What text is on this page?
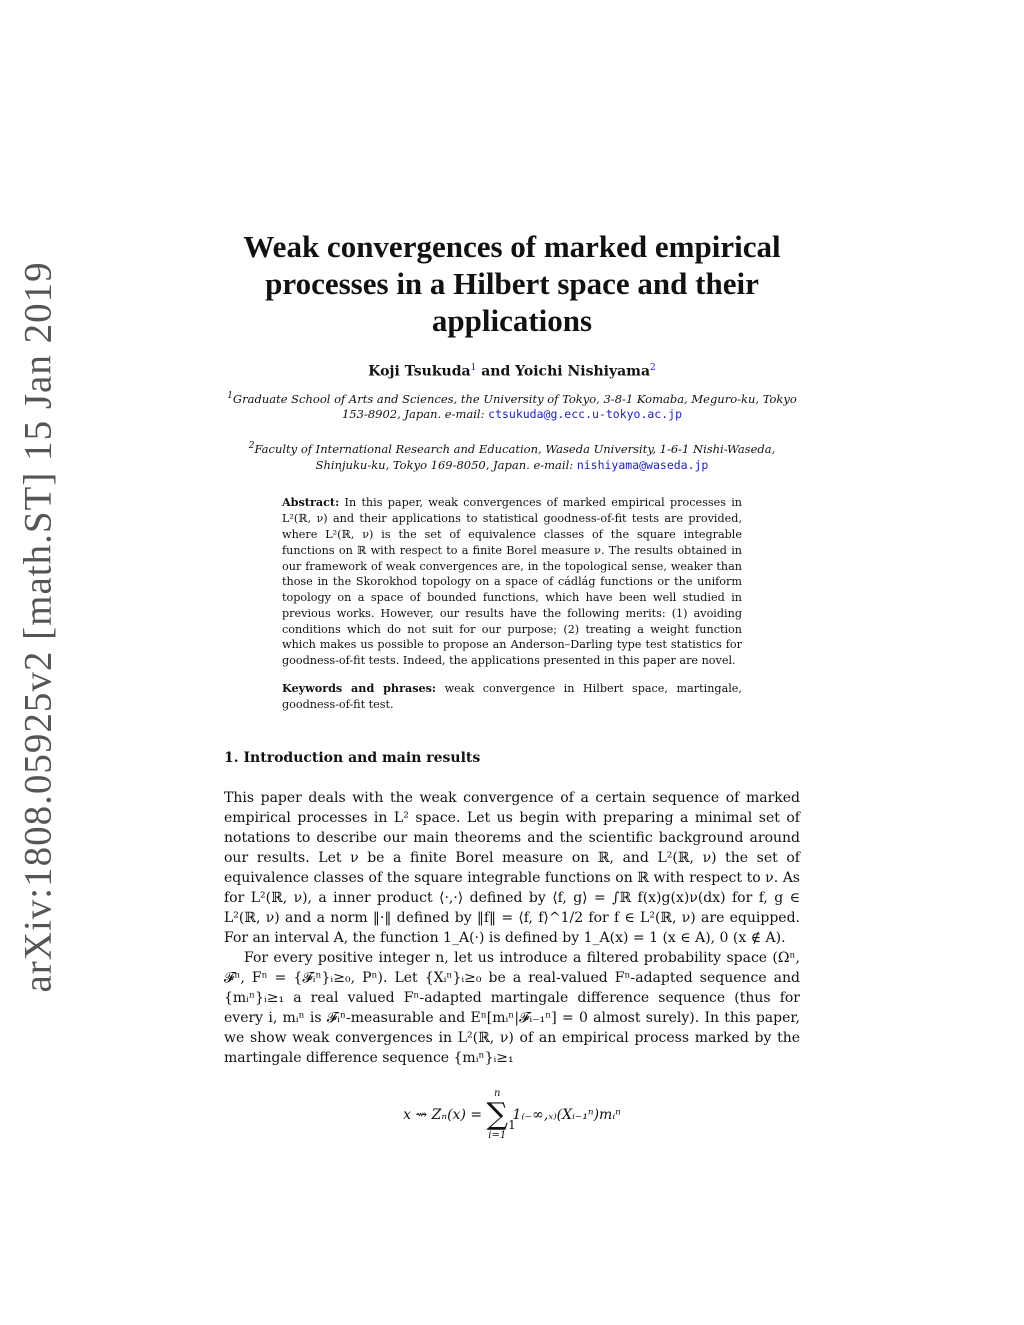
arXiv:1808.05925v2 [math.ST] 15 Jan 2019
Weak convergences of marked empirical processes in a Hilbert space and their applications
Koji Tsukuda$^1$ and Yoichi Nishiyama$^2$
$^1$Graduate School of Arts and Sciences, the University of Tokyo, 3-8-1 Komaba, Meguro-ku, Tokyo 153-8902, Japan. e-mail: ctsukuda@g.ecc.u-tokyo.ac.jp
$^2$Faculty of International Research and Education, Waseda University, 1-6-1 Nishi-Waseda, Shinjuku-ku, Tokyo 169-8050, Japan. e-mail: nishiyama@waseda.jp
Abstract: In this paper, weak convergences of marked empirical processes in L²(ℝ, ν) and their applications to statistical goodness-of-fit tests are provided, where L²(ℝ, ν) is the set of equivalence classes of the square integrable functions on ℝ with respect to a finite Borel measure ν. The results obtained in our framework of weak convergences are, in the topological sense, weaker than those in the Skorokhod topology on a space of cádlág functions or the uniform topology on a space of bounded functions, which have been well studied in previous works. However, our results have the following merits: (1) avoiding conditions which do not suit for our purpose; (2) treating a weight function which makes us possible to propose an Anderson–Darling type test statistics for goodness-of-fit tests. Indeed, the applications presented in this paper are novel.
Keywords and phrases: weak convergence in Hilbert space, martingale, goodness-of-fit test.
1. Introduction and main results

This paper deals with the weak convergence of a certain sequence of marked empirical processes in L² space. Let us begin with preparing a minimal set of notations to describe our main theorems and the scientific background around our results. Let ν be a finite Borel measure on ℝ, and L²(ℝ, ν) the set of equivalence classes of the square integrable functions on ℝ with respect to ν. As for L²(ℝ, ν), a inner product ⟨·,·⟩ defined by ⟨f, g⟩ = ∫ℝ f(x)g(x)ν(dx) for f, g ∈ L²(ℝ, ν) and a norm ‖·‖ defined by ‖f‖ = ⟨f, f⟩^1/2 for f ∈ L²(ℝ, ν) are equipped. For an interval A, the function 1_A(·) is defined by 1_A(x) = 1 (x ∈ A), 0 (x ∉ A).

For every positive integer n, let us introduce a filtered probability space (Ωⁿ, 𝓕ⁿ, Fⁿ = {𝓕ᵢⁿ}ᵢ≥₀, Pⁿ). Let {Xᵢⁿ}ᵢ≥₀ be a real-valued Fⁿ-adapted sequence and {mᵢⁿ}ᵢ≥₁ a real valued Fⁿ-adapted martingale difference sequence (thus for every i, mᵢⁿ is 𝓕ᵢⁿ-measurable and Eⁿ[mᵢⁿ|𝓕ᵢ₋₁ⁿ] = 0 almost surely). In this paper, we show weak convergences in L²(ℝ, ν) of an empirical process marked by the martingale difference sequence {mᵢⁿ}ᵢ≥₁

x ⇝ Zₙ(x) =
n
∑
i=1
1₍₋∞,ₓ₎(Xᵢ₋₁ⁿ)mᵢⁿ
1
